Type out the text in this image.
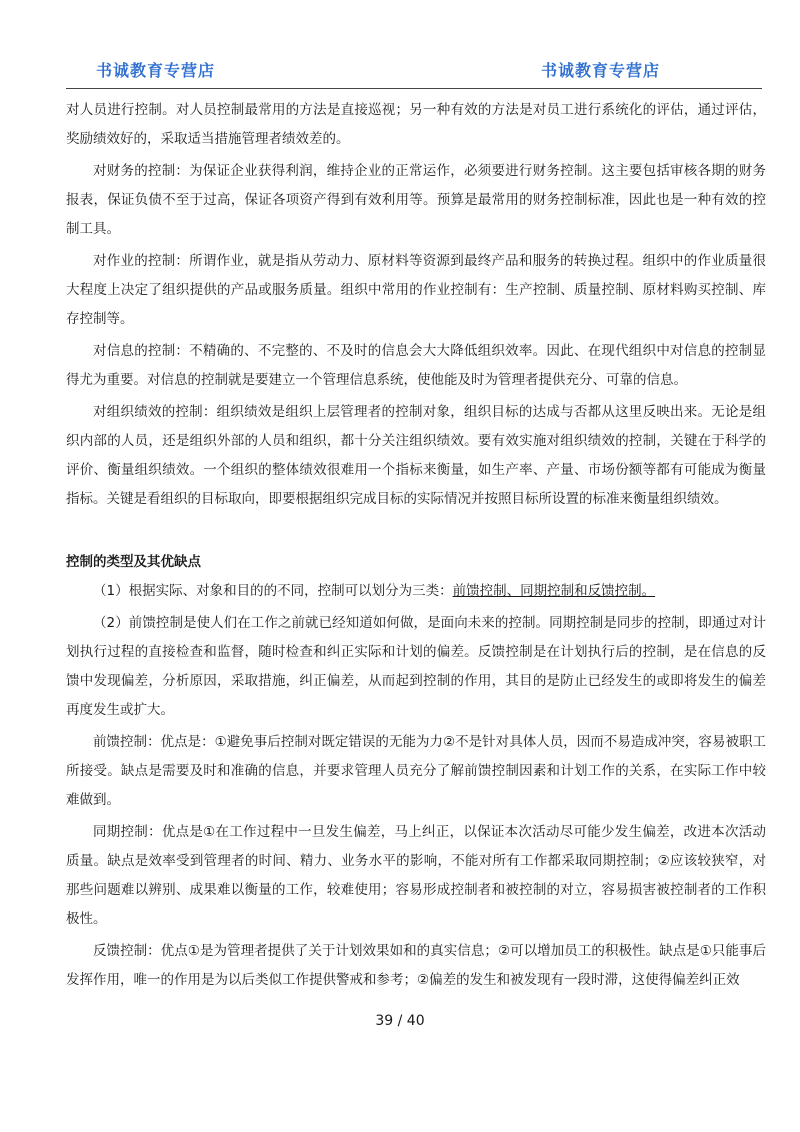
书诚教育专营店	书诚教育专营店

对人员进行控制。对人员控制最常用的方法是直接巡视；另一种有效的方法是对员工进行系统化的评估，通过评估，奖励绩效好的，采取适当措施管理者绩效差的。

对财务的控制：为保证企业获得利润，维持企业的正常运作，必须要进行财务控制。这主要包括审核各期的财务报表，保证负债不至于过高，保证各项资产得到有效利用等。预算是最常用的财务控制标准，因此也是一种有效的控制工具。

对作业的控制：所谓作业，就是指从劳动力、原材料等资源到最终产品和服务的转换过程。组织中的作业质量很大程度上决定了组织提供的产品或服务质量。组织中常用的作业控制有：生产控制、质量控制、原材料购买控制、库存控制等。

对信息的控制：不精确的、不完整的、不及时的信息会大大降低组织效率。因此、在现代组织中对信息的控制显得尤为重要。对信息的控制就是要建立一个管理信息系统，使他能及时为管理者提供充分、可靠的信息。

对组织绩效的控制：组织绩效是组织上层管理者的控制对象，组织目标的达成与否都从这里反映出来。无论是组织内部的人员，还是组织外部的人员和组织，都十分关注组织绩效。要有效实施对组织绩效的控制，关键在于科学的评价、衡量组织绩效。一个组织的整体绩效很难用一个指标来衡量，如生产率、产量、市场份额等都有可能成为衡量指标。关键是看组织的目标取向，即要根据组织完成目标的实际情况并按照目标所设置的标准来衡量组织绩效。

控制的类型及其优缺点

（1）根据实际、对象和目的的不同，控制可以划分为三类：前馈控制、同期控制和反馈控制。

（2）前馈控制是使人们在工作之前就已经知道如何做，是面向未来的控制。同期控制是同步的控制，即通过对计划执行过程的直接检查和监督，随时检查和纠正实际和计划的偏差。反馈控制是在计划执行后的控制，是在信息的反馈中发现偏差，分析原因，采取措施，纠正偏差，从而起到控制的作用，其目的是防止已经发生的或即将发生的偏差再度发生或扩大。

前馈控制：优点是：①避免事后控制对既定错误的无能为力②不是针对具体人员，因而不易造成冲突，容易被职工所接受。缺点是需要及时和准确的信息，并要求管理人员充分了解前馈控制因素和计划工作的关系，在实际工作中较难做到。

同期控制：优点是①在工作过程中一旦发生偏差，马上纠正，以保证本次活动尽可能少发生偏差，改进本次活动质量。缺点是效率受到管理者的时间、精力、业务水平的影响，不能对所有工作都采取同期控制；②应该较狭窄，对那些问题难以辨别、成果难以衡量的工作，较难使用；容易形成控制者和被控制的对立，容易损害被控制者的工作积极性。

反馈控制：优点①是为管理者提供了关于计划效果如和的真实信息；②可以增加员工的积极性。缺点是①只能事后发挥作用，唯一的作用是为以后类似工作提供警戒和参考；②偏差的发生和被发现有一段时滞，这使得偏差纠正效

39 / 40
